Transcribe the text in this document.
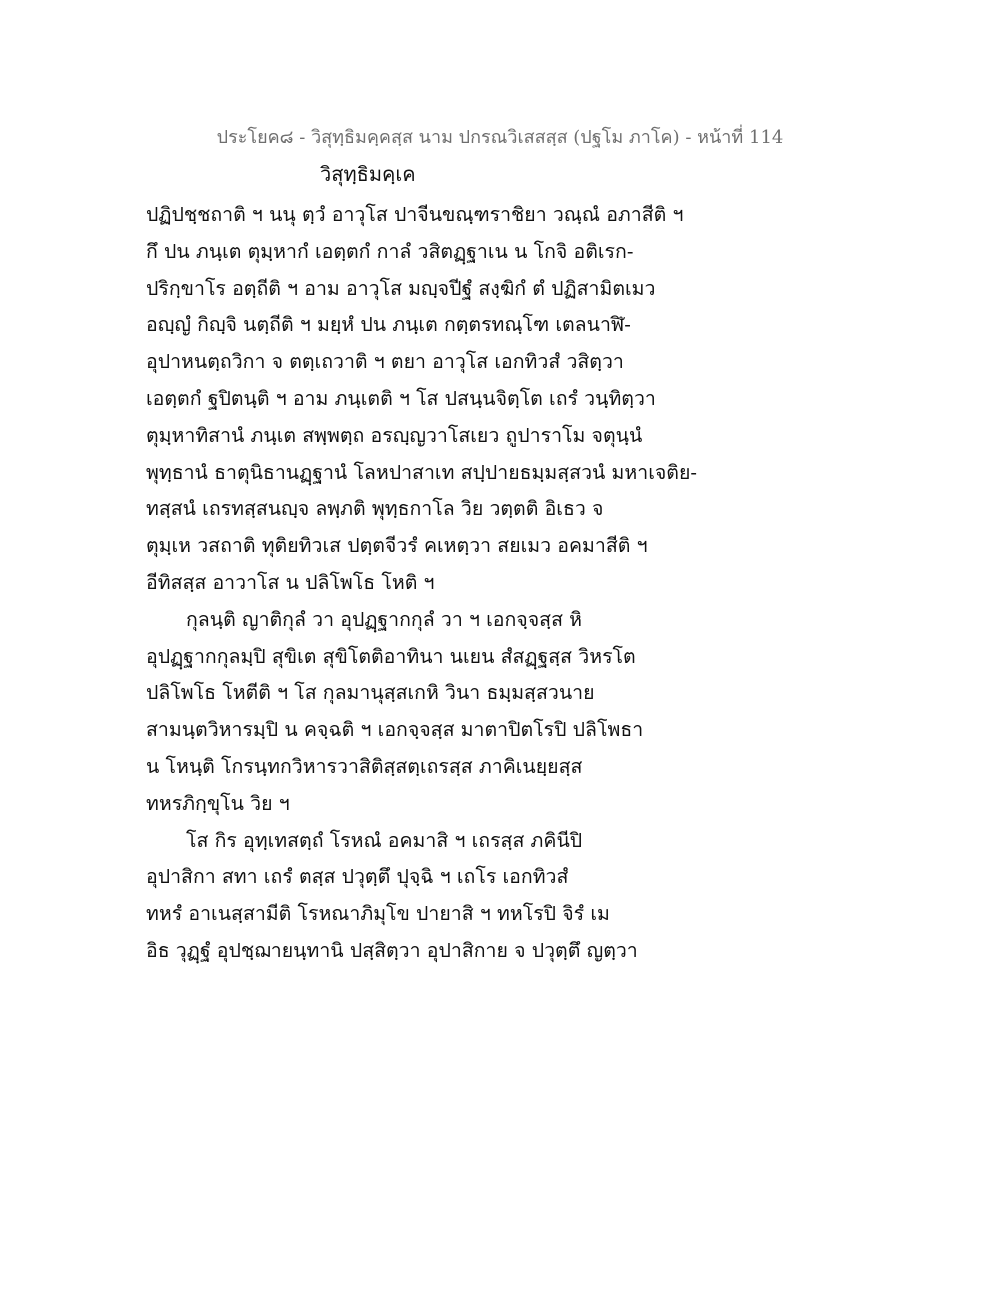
ประโยค๘ - วิสุทฺธิมคฺคสฺส นาม ปกรณวิเสสสฺส (ปฐโม ภาโค) - หน้าที่ 114
วิสุทฺธิมคฺเค
ปฏิปชฺชถาติ ฯ นนุ ตฺวํ อาวุโส ปาจีนขณฺฑราชิยา วณฺณํ อภาสีติ ฯ
กึ ปน ภนฺเต ตุมฺหากํ เอตฺตกํ กาลํ วสิตฏฺฐาเน น โกจิ อติเรก-
ปริกฺขาโร อตฺถีติ ฯ อาม อาวุโส มญฺจปีฐํ สงฺฆิกํ ตํ ปฏิสามิตเมว
อญฺญํ กิญฺจิ นตฺถีติ ฯ มยฺหํ ปน ภนฺเต กตฺตรทณฺโฑ เตลนาฬิ-
อุปาหนตฺถวิกา จ ตตฺเถวาติ ฯ ตยา อาวุโส เอกทิวสํ วสิตฺวา
เอตฺตกํ ฐปิตนฺติ ฯ อาม ภนฺเตติ ฯ โส ปสนฺนจิตฺโต เถรํ วนฺทิตฺวา
ตุมฺหาทิสานํ ภนฺเต สพฺพตฺถ อรญฺญวาโสเยว ถูปาราโม จตุนฺนํ
พุทฺธานํ ธาตุนิธานฏฺฐานํ โลหปาสาเท สปฺปายธมฺมสฺสวนํ มหาเจติย-
ทสฺสนํ เถรทสฺสนญฺจ ลพฺภติ พุทฺธกาโล วิย วตฺตติ อิเธว จ
ตุมฺเห วสถาติ ทุติยทิวเส ปตฺตจีวรํ คเหตฺวา สยเมว อคมาสีติ ฯ
อีทิสสฺส อาวาโส น ปลิโพโธ โหติ ฯ
กุลนฺติ ญาติกุลํ วา อุปฏฺฐากกุลํ วา ฯ เอกจฺจสฺส หิ
อุปฏฺฐากกุลมฺปิ สุขิเต สุขิโตติอาทินา นเยน สํสฏฺฐสฺส วิหรโต
ปลิโพโธ โหตีติ ฯ โส กุลมานุสฺสเกหิ วินา ธมฺมสฺสวนาย
สามนฺตวิหารมฺปิ น คจฺฉติ ฯ เอกจฺจสฺส มาตาปิตโรปิ ปลิโพธา
น โหนฺติ โกรนฺทกวิหารวาสิติสฺสตฺเถรสฺส ภาคิเนยฺยสฺส
ทหรภิกฺขุโน วิย ฯ
โส กิร อุทฺเทสตฺถํ โรหณํ อคมาสิ ฯ เถรสฺส ภคินีปิ
อุปาสิกา สทา เถรํ ตสฺส ปวุตฺตึ ปุจฺฉิ ฯ เถโร เอกทิวสํ
ทหรํ อาเนสฺสามีติ โรหณาภิมุโข ปายาสิ ฯ ทหโรปิ จิรํ เม
อิธ วุฏฺฐํ อุปชฺฌายนฺทานิ ปสฺสิตฺวา อุปาสิกาย จ ปวุตฺตึ ญตฺวา
